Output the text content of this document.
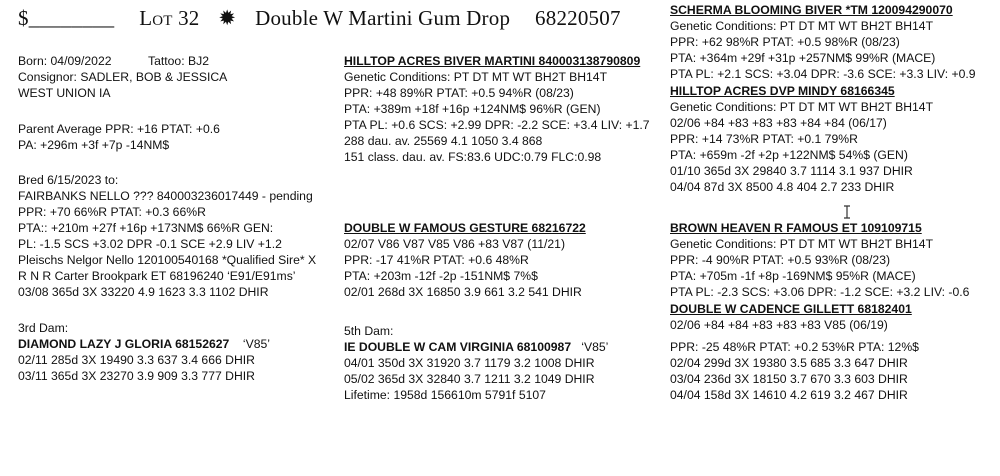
$________ Lot 32 ✹ Double W Martini Gum Drop 68220507
Born: 04/09/2022	Tattoo: BJ2
Consignor: SADLER, BOB & JESSICA
WEST UNION IA
Parent Average PPR: +16 PTAT: +0.6
PA: +296m +3f +7p -14NM$
Bred 6/15/2023 to:
FAIRBANKS NELLO ??? 840003236017449 - pending
PPR: +70 66%R PTAT: +0.3 66%R
PTA:: +210m +27f +16p +173NM$ 66%R GEN:
PL: -1.5 SCS +3.02 DPR -0.1 SCE +2.9 LIV +1.2
Pleischs Nelgor Nello 120100540168 *Qualified Sire* X
R N R Carter Brookpark ET 68196240 ‘E91/E91ms’
03/08 365d 3X 33220 4.9 1623 3.3 1102 DHIR
3rd Dam:
DIAMOND LAZY J GLORIA 68152627 ‘V85’
02/11 285d 3X 19490 3.3 637 3.4 666 DHIR
03/11 365d 3X 23270 3.9 909 3.3 777 DHIR
HILLTOP ACRES BIVER MARTINI 840003138790809
Genetic Conditions: PT DT MT WT BH2T BH14T
PPR: +48 89%R PTAT: +0.5 94%R (08/23)
PTA: +389m +18f +16p +124NM$ 96%R (GEN)
PTA PL: +0.6 SCS: +2.99 DPR: -2.2 SCE: +3.4 LIV: +1.7
288 dau. av. 25569 4.1 1050 3.4 868
151 class. dau. av. FS:83.6 UDC:0.79 FLC:0.98
DOUBLE W FAMOUS GESTURE 68216722
02/07 V86 V87 V85 V86 +83 V87 (11/21)
PPR: -17 41%R PTAT: +0.6 48%R
PTA: +203m -12f -2p -151NM$ 7%$
02/01 268d 3X 16850 3.9 661 3.2 541 DHIR
5th Dam:
IE DOUBLE W CAM VIRGINIA 68100987 ‘V85’
04/01 350d 3X 31920 3.7 1179 3.2 1008 DHIR
05/02 365d 3X 32840 3.7 1211 3.2 1049 DHIR
Lifetime: 1958d 156610m 5791f 5107
SCHERMA BLOOMING BIVER *TM 120094290070
Genetic Conditions: PT DT MT WT BH2T BH14T
PPR: +62 98%R PTAT: +0.5 98%R (08/23)
PTA: +364m +29f +31p +257NM$ 99%R (MACE)
PTA PL: +2.1 SCS: +3.04 DPR: -3.6 SCE: +3.3 LIV: +0.9
HILLTOP ACRES DVP MINDY 68166345
Genetic Conditions: PT DT MT WT BH2T BH14T
02/06 +84 +83 +83 +83 +84 +84 (06/17)
PPR: +14 73%R PTAT: +0.1 79%R
PTA: +659m -2f +2p +122NM$ 54%$ (GEN)
01/10 365d 3X 29840 3.7 1114 3.1 937 DHIR
04/04 87d 3X 8500 4.8 404 2.7 233 DHIR
BROWN HEAVEN R FAMOUS ET 109109715
Genetic Conditions: PT DT MT WT BH2T BH14T
PPR: -4 90%R PTAT: +0.5 93%R (08/23)
PTA: +705m -1f +8p -169NM$ 95%R (MACE)
PTA PL: -2.3 SCS: +3.06 DPR: -1.2 SCE: +3.2 LIV: -0.6
DOUBLE W CADENCE GILLETT 68182401
02/06 +84 +84 +83 +83 +83 V85 (06/19)
PPR: -25 48%R PTAT: +0.2 53%R PTA: 12%$
02/04 299d 3X 19380 3.5 685 3.3 647 DHIR
03/04 236d 3X 18150 3.7 670 3.3 603 DHIR
04/04 158d 3X 14610 4.2 619 3.2 467 DHIR
